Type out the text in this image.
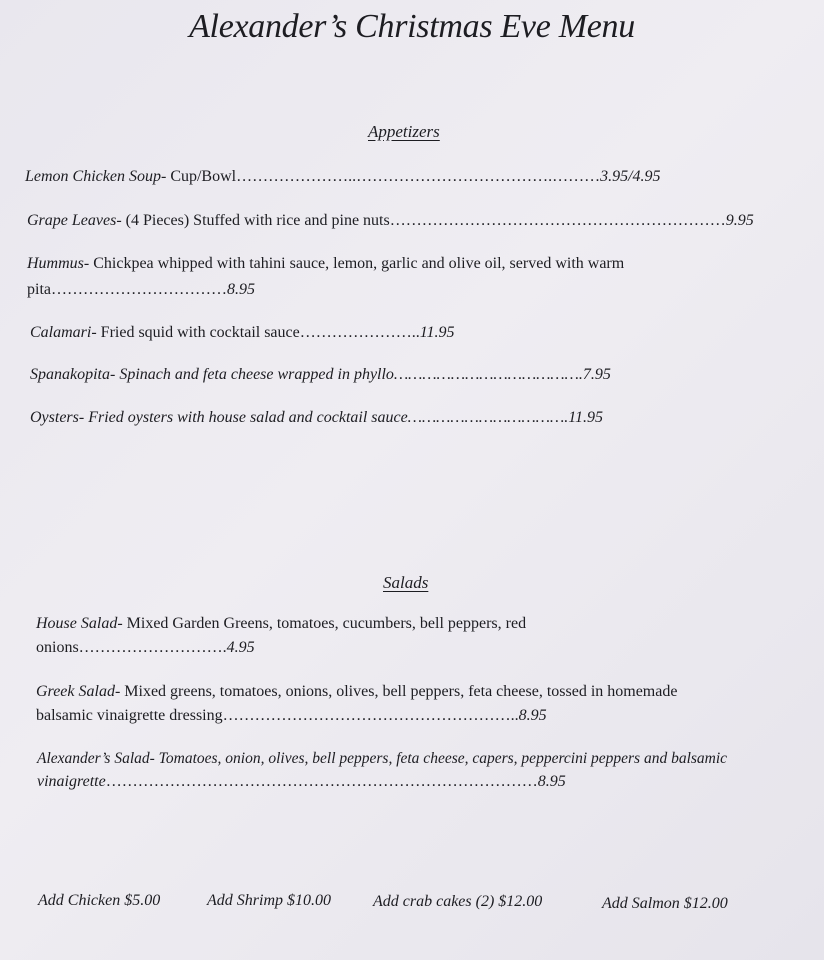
Alexander’s Christmas Eve Menu
Appetizers
Lemon Chicken Soup- Cup/Bowl…………………..……………………………….………3.95/4.95
Grape Leaves- (4 Pieces) Stuffed with rice and pine nuts………………………………………………………9.95
Hummus- Chickpea whipped with tahini sauce, lemon, garlic and olive oil, served with warm
pita……………………………8.95
Calamari- Fried squid with cocktail sauce…………………..11.95
Spanakopita- Spinach and feta cheese wrapped in phyllo………………………………….7.95
Oysters- Fried oysters with house salad and cocktail sauce…………………………….11.95
Salads
House Salad- Mixed Garden Greens, tomatoes, cucumbers, bell peppers, red
onions……………………….4.95
Greek Salad- Mixed greens, tomatoes, onions, olives, bell peppers, feta cheese, tossed in homemade
balsamic vinaigrette dressing………………………………………………..8.95
Alexander’s Salad- Tomatoes, onion, olives, bell peppers, feta cheese, capers, peppercini peppers and balsamic
vinaigrette………………………………………………………………………8.95
Add Chicken $5.00	Add Shrimp $10.00	Add crab cakes (2) $12.00	Add Salmon $12.00
